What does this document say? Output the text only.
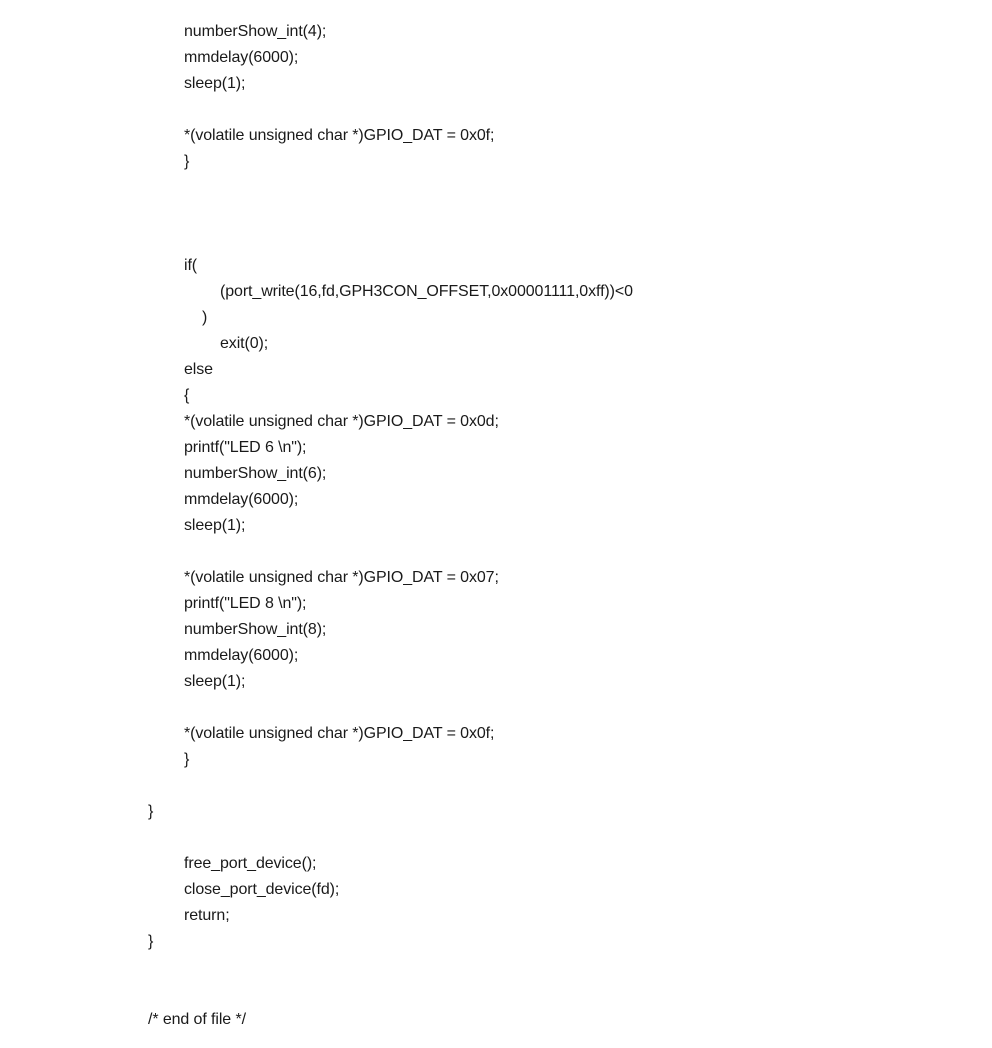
numberShow_int(4);
mmdelay(6000);
sleep(1);
*(volatile unsigned char *)GPIO_DAT = 0x0f;
}
if(
(port_write(16,fd,GPH3CON_OFFSET,0x00001111,0xff))<0
)
exit(0);
else
{
*(volatile unsigned char *)GPIO_DAT = 0x0d;
printf("LED 6 \n");
numberShow_int(6);
mmdelay(6000);
sleep(1);
*(volatile unsigned char *)GPIO_DAT = 0x07;
printf("LED 8 \n");
numberShow_int(8);
mmdelay(6000);
sleep(1);
*(volatile unsigned char *)GPIO_DAT = 0x0f;
}
}
free_port_device();
close_port_device(fd);
return;
}
/* end of file */
